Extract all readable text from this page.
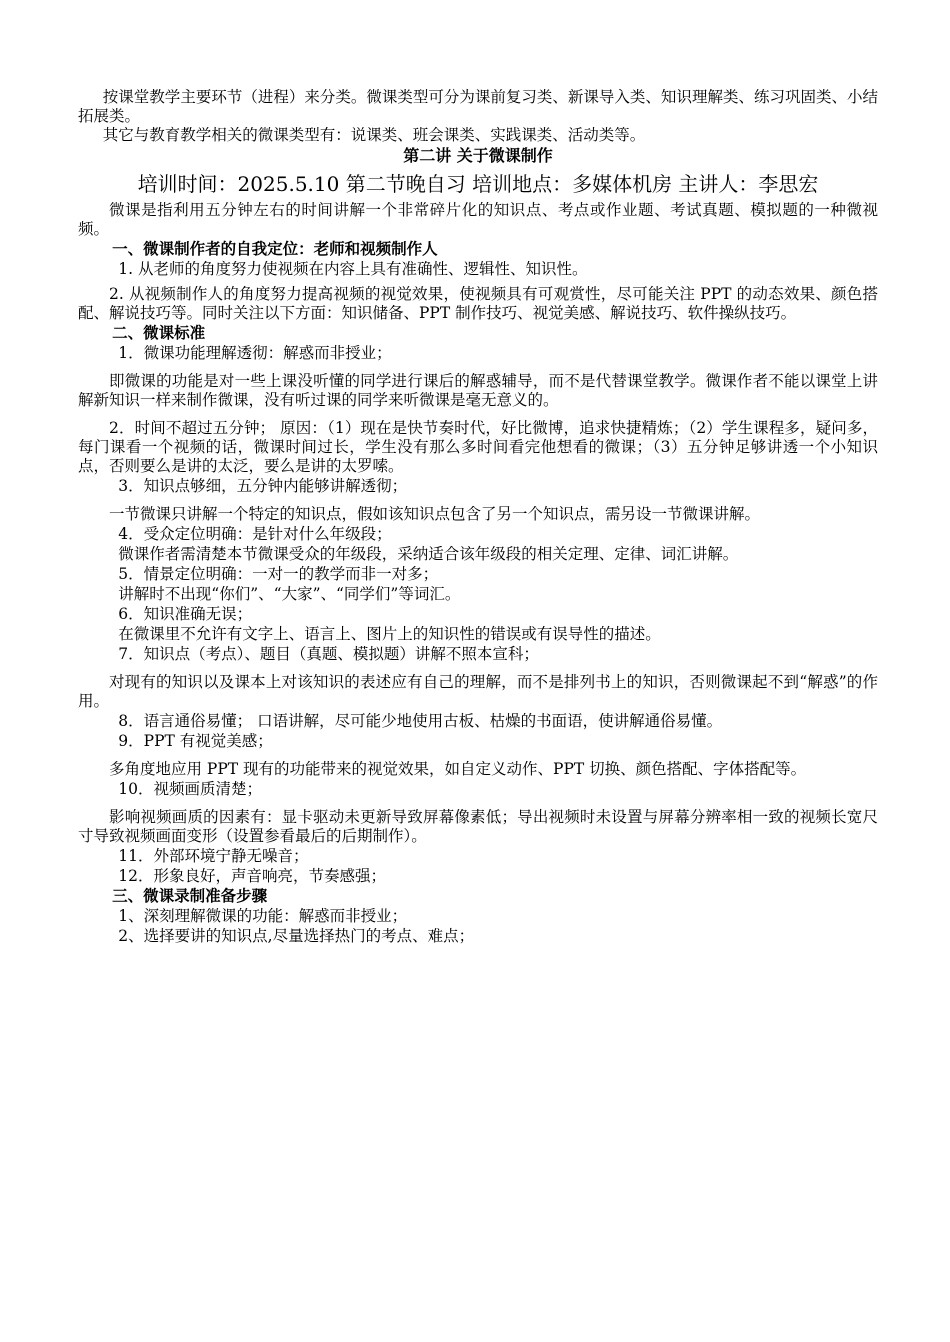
按课堂教学主要环节（进程）来分类。微课类型可分为课前复习类、新课导入类、知识理解类、练习巩固类、小结拓展类。

其它与教育教学相关的微课类型有：说课类、班会课类、实践课类、活动类等。

第二讲 关于微课制作

培训时间：2025.5.10 第二节晚自习 培训地点：多媒体机房 主讲人：李思宏

微课是指利用五分钟左右的时间讲解一个非常碎片化的知识点、考点或作业题、考试真题、模拟题的一种微视频。

一、微课制作者的自我定位：老师和视频制作人

1. 从老师的角度努力使视频在内容上具有准确性、逻辑性、知识性。

2. 从视频制作人的角度努力提高视频的视觉效果，使视频具有可观赏性，尽可能关注 PPT 的动态效果、颜色搭配、解说技巧等。同时关注以下方面：知识储备、PPT 制作技巧、视觉美感、解说技巧、软件操纵技巧。

二、微课标准

1．微课功能理解透彻：解惑而非授业；

即微课的功能是对一些上课没听懂的同学进行课后的解惑辅导，而不是代替课堂教学。微课作者不能以课堂上讲解新知识一样来制作微课，没有听过课的同学来听微课是毫无意义的。

2．时间不超过五分钟； 原因：（1）现在是快节奏时代，好比微博，追求快捷精炼；（2）学生课程多，疑问多，每门课看一个视频的话，微课时间过长，学生没有那么多时间看完他想看的微课；（3）五分钟足够讲透一个小知识点，否则要么是讲的太泛，要么是讲的太罗嗦。

3．知识点够细，五分钟内能够讲解透彻；

一节微课只讲解一个特定的知识点，假如该知识点包含了另一个知识点，需另设一节微课讲解。

4．受众定位明确：是针对什么年级段；

微课作者需清楚本节微课受众的年级段，采纳适合该年级段的相关定理、定律、词汇讲解。

5．情景定位明确：一对一的教学而非一对多；

讲解时不出现“你们”、“大家”、“同学们”等词汇。

6．知识准确无误；

在微课里不允许有文字上、语言上、图片上的知识性的错误或有误导性的描述。

7．知识点（考点）、题目（真题、模拟题）讲解不照本宣科；

对现有的知识以及课本上对该知识的表述应有自己的理解，而不是排列书上的知识，否则微课起不到“解惑”的作用。

8．语言通俗易懂； 口语讲解，尽可能少地使用古板、枯燥的书面语，使讲解通俗易懂。

9．PPT 有视觉美感；

多角度地应用 PPT 现有的功能带来的视觉效果，如自定义动作、PPT 切换、颜色搭配、字体搭配等。

10．视频画质清楚；

影响视频画质的因素有：显卡驱动未更新导致屏幕像素低；导出视频时未设置与屏幕分辨率相一致的视频长宽尺寸导致视频画面变形（设置参看最后的后期制作）。

11．外部环境宁静无噪音；

12．形象良好，声音响亮，节奏感强；

三、微课录制准备步骤

1、深刻理解微课的功能：解惑而非授业；

2、选择要讲的知识点,尽量选择热门的考点、难点；
